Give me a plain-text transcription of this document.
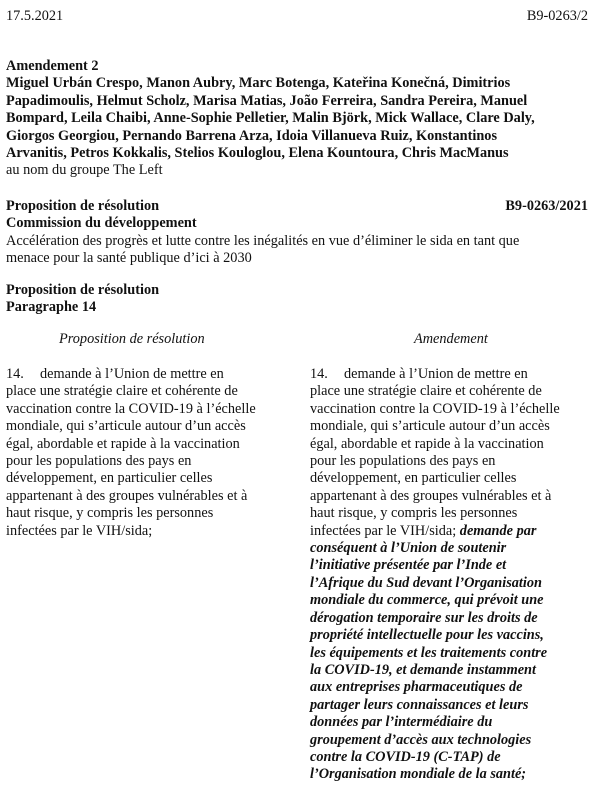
17.5.2021	B9-0263/2
Amendement 2
Miguel Urbán Crespo, Manon Aubry, Marc Botenga, Kateřina Konečná, Dimitrios
Papadimoulis, Helmut Scholz, Marisa Matias, João Ferreira, Sandra Pereira, Manuel
Bompard, Leila Chaibi, Anne-Sophie Pelletier, Malin Björk, Mick Wallace, Clare Daly,
Giorgos Georgiou, Pernando Barrena Arza, Idoia Villanueva Ruiz, Konstantinos
Arvanitis, Petros Kokkalis, Stelios Kouloglou, Elena Kountoura, Chris MacManus
au nom du groupe The Left
Proposition de résolution	B9-0263/2021
Commission du développement
Accélération des progrès et lutte contre les inégalités en vue d’éliminer le sida en tant que
menace pour la santé publique d’ici à 2030
Proposition de résolution
Paragraphe 14
Proposition de résolution	Amendement

14. demande à l’Union de mettre en

place une stratégie claire et cohérente de

vaccination contre la COVID-19 à l’échelle

mondiale, qui s’articule autour d’un accès

égal, abordable et rapide à la vaccination

pour les populations des pays en

développement, en particulier celles

appartenant à des groupes vulnérables et à

haut risque, y compris les personnes

infectées par le VIH/sida;

14. demande à l’Union de mettre en

place une stratégie claire et cohérente de

vaccination contre la COVID-19 à l’échelle

mondiale, qui s’articule autour d’un accès

égal, abordable et rapide à la vaccination

pour les populations des pays en

développement, en particulier celles

appartenant à des groupes vulnérables et à

haut risque, y compris les personnes

infectées par le VIH/sida; demande par

conséquent à l’Union de soutenir

l’initiative présentée par l’Inde et

l’Afrique du Sud devant l’Organisation

mondiale du commerce, qui prévoit une

dérogation temporaire sur les droits de

propriété intellectuelle pour les vaccins,

les équipements et les traitements contre

la COVID-19, et demande instamment

aux entreprises pharmaceutiques de

partager leurs connaissances et leurs

données par l’intermédiaire du

groupement d’accès aux technologies

contre la COVID-19 (C-TAP) de

l’Organisation mondiale de la santé;
